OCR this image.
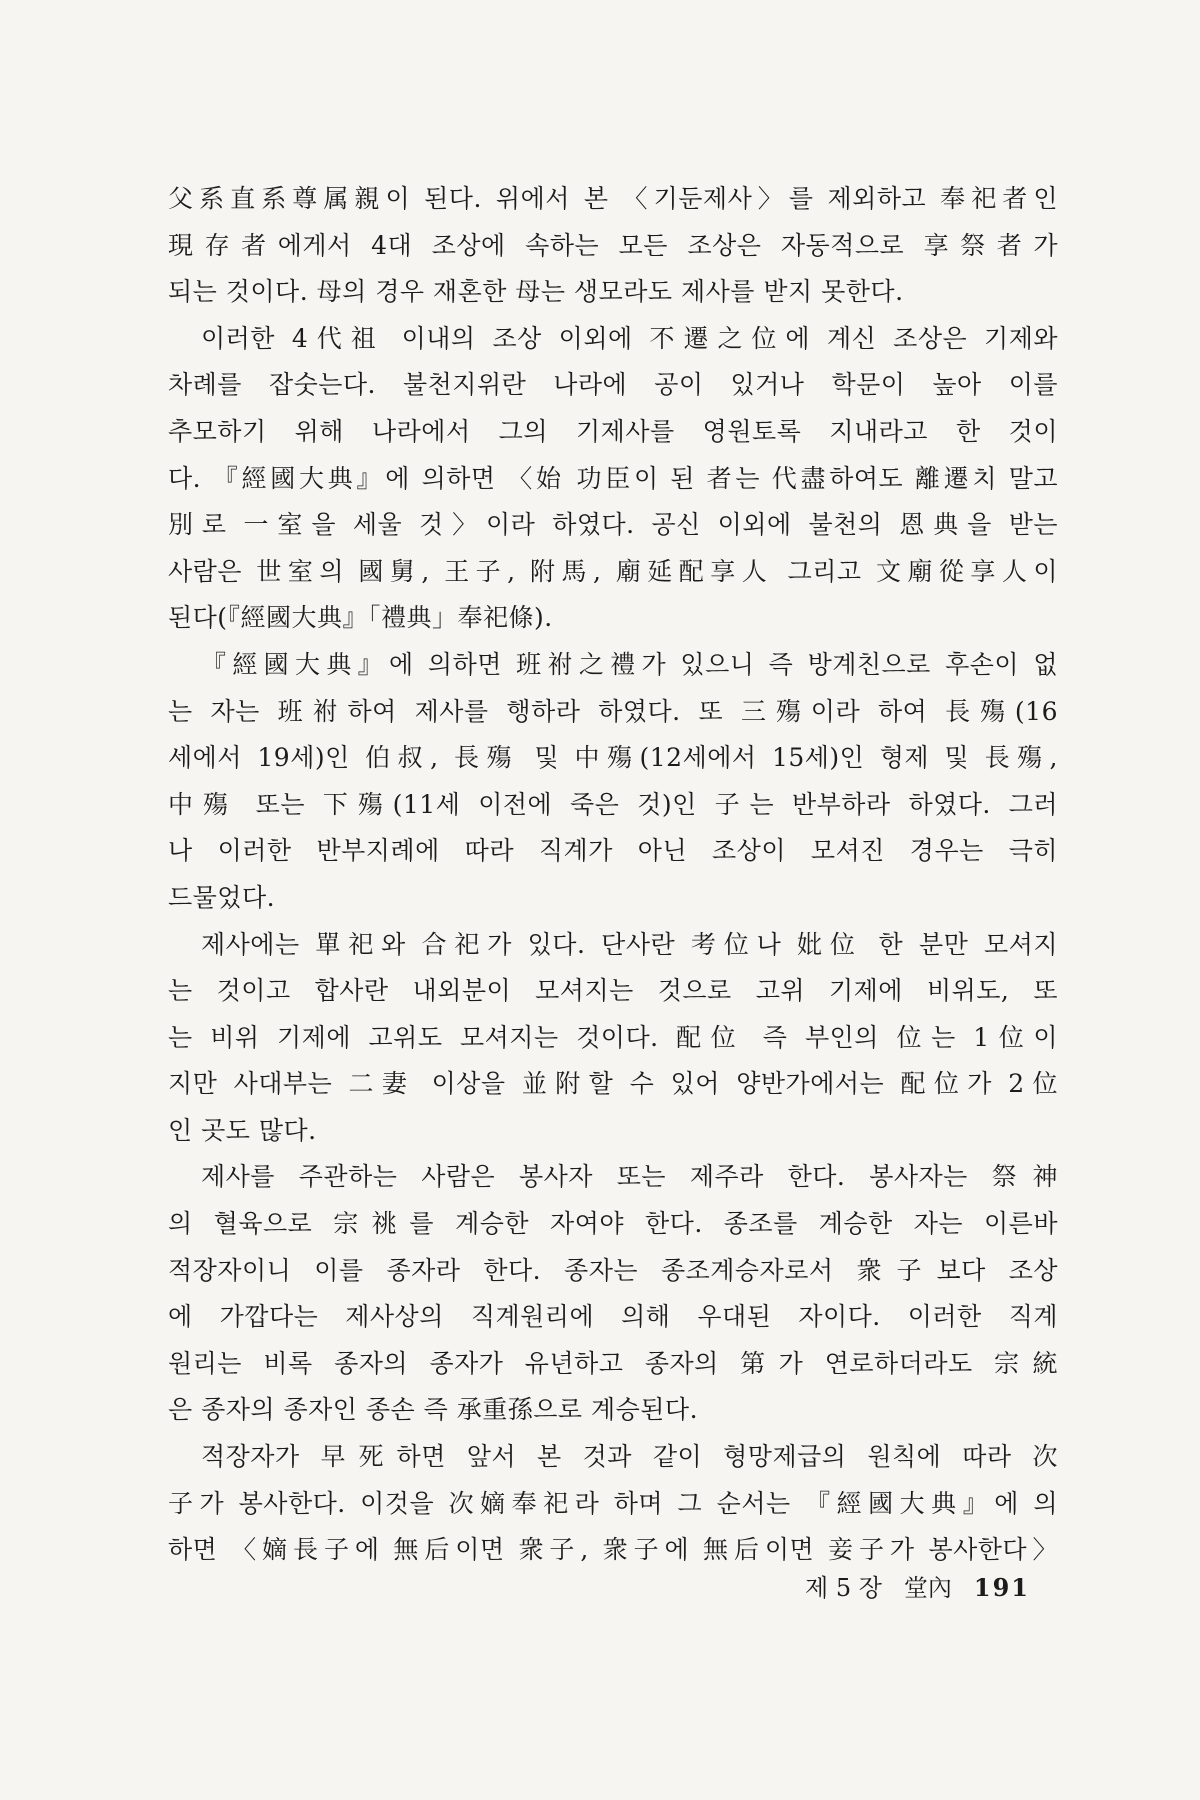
父系直系尊属親이 된다. 위에서 본 〈기둔제사〉를 제외하고 奉祀者인
現存者에게서 4대 조상에 속하는 모든 조상은 자동적으로 享祭者가
되는 것이다. 母의 경우 재혼한 母는 생모라도 제사를 받지 못한다.
이러한 4代祖 이내의 조상 이외에 不遷之位에 계신 조상은 기제와
차례를 잡숫는다. 불천지위란 나라에 공이 있거나 학문이 높아 이를
추모하기 위해 나라에서 그의 기제사를 영원토록 지내라고 한 것이
다. 『經國大典』에 의하면 〈始 功臣이 된 者는 代盡하여도 離遷치 말고
別로 一室을 세울 것〉이라 하였다. 공신 이외에 불천의 恩典을 받는
사람은 世室의 國舅, 王子, 附馬, 廟延配享人 그리고 文廟從享人이
된다(『經國大典』「禮典」奉祀條).
『經國大典』에 의하면 班祔之禮가 있으니 즉 방계친으로 후손이 없
는 자는 班祔하여 제사를 행하라 하였다. 또 三殤이라 하여 長殤(16
세에서 19세)인 伯叔, 長殤 및 中殤(12세에서 15세)인 형제 및 長殤,
中殤 또는 下殤(11세 이전에 죽은 것)인 子는 반부하라 하였다. 그러
나 이러한 반부지례에 따라 직계가 아닌 조상이 모셔진 경우는 극히
드물었다.
제사에는 單祀와 合祀가 있다. 단사란 考位나 妣位 한 분만 모셔지
는 것이고 합사란 내외분이 모셔지는 것으로 고위 기제에 비위도, 또
는 비위 기제에 고위도 모셔지는 것이다. 配位 즉 부인의 位는 1位이
지만 사대부는 二妻 이상을 並附할 수 있어 양반가에서는 配位가 2位
인 곳도 많다.
제사를 주관하는 사람은 봉사자 또는 제주라 한다. 봉사자는 祭神
의 혈육으로 宗祧를 계승한 자여야 한다. 종조를 계승한 자는 이른바
적장자이니 이를 종자라 한다. 종자는 종조계승자로서 衆子보다 조상
에 가깝다는 제사상의 직계원리에 의해 우대된 자이다. 이러한 직계
원리는 비록 종자의 종자가 유년하고 종자의 第가 연로하더라도 宗統
은 종자의 종자인 종손 즉 承重孫으로 계승된다.
적장자가 早死하면 앞서 본 것과 같이 형망제급의 원칙에 따라 次
子가 봉사한다. 이것을 次嫡奉祀라 하며 그 순서는 『經國大典』에 의
하면 〈嫡長子에 無后이면 衆子, 衆子에 無后이면 妾子가 봉사한다〉
제 5 장 堂內 191
